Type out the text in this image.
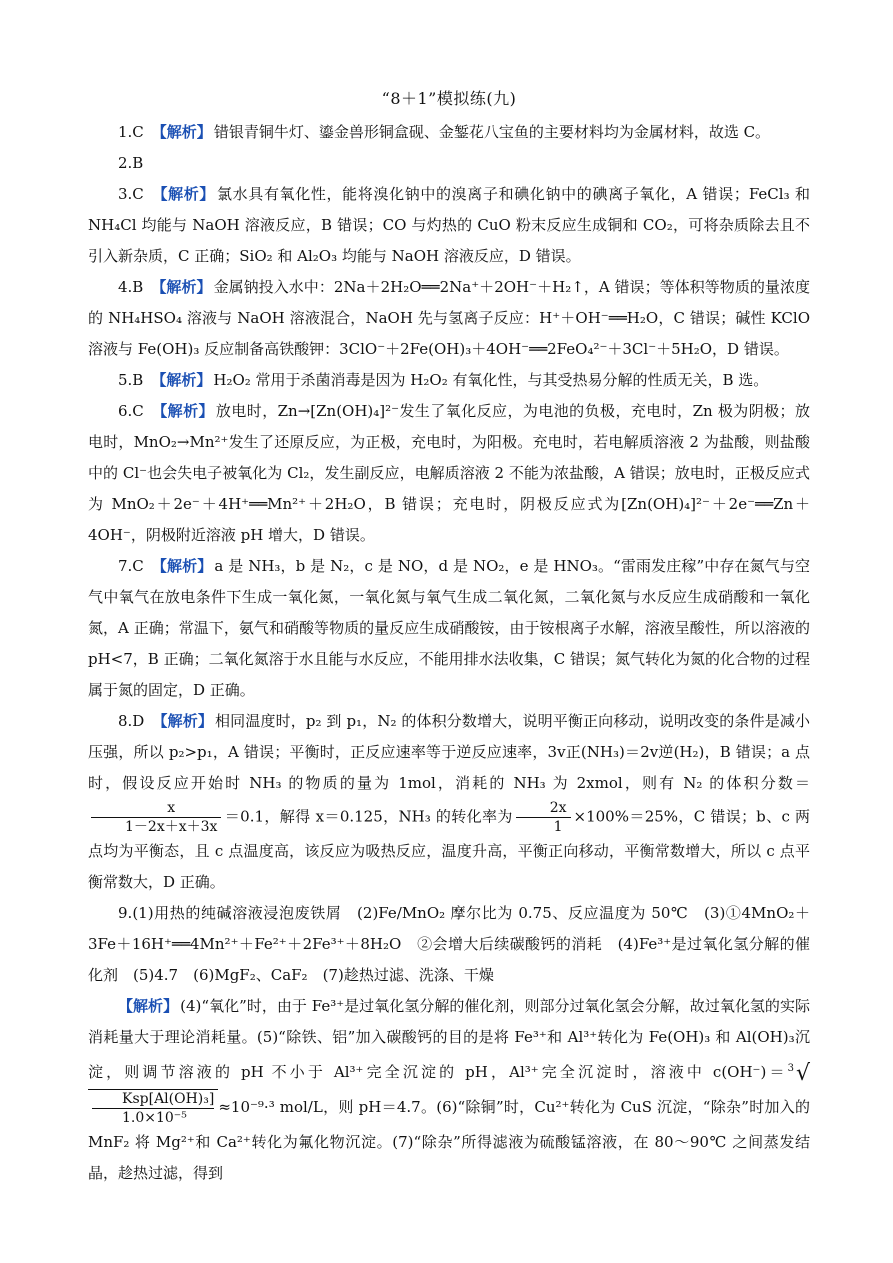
“8＋1”模拟练(九)

1.C 【解析】 错银青铜牛灯、鎏金兽形铜盒砚、金錾花八宝鱼的主要材料均为金属材料，故选 C。

2.B

3.C 【解析】 氯水具有氧化性，能将溴化钠中的溴离子和碘化钠中的碘离子氧化，A 错误；FeCl₃ 和 NH₄Cl 均能与 NaOH 溶液反应，B 错误；CO 与灼热的 CuO 粉末反应生成铜和 CO₂，可将杂质除去且不引入新杂质，C 正确；SiO₂ 和 Al₂O₃ 均能与 NaOH 溶液反应，D 错误。

4.B 【解析】 金属钠投入水中：2Na＋2H₂O══2Na⁺＋2OH⁻＋H₂↑，A 错误；等体积等物质的量浓度的 NH₄HSO₄ 溶液与 NaOH 溶液混合，NaOH 先与氢离子反应：H⁺＋OH⁻══H₂O，C 错误；碱性 KClO 溶液与 Fe(OH)₃ 反应制备高铁酸钾：3ClO⁻＋2Fe(OH)₃＋4OH⁻══2FeO₄²⁻＋3Cl⁻＋5H₂O，D 错误。

5.B 【解析】 H₂O₂ 常用于杀菌消毒是因为 H₂O₂ 有氧化性，与其受热易分解的性质无关，B 选。

6.C 【解析】 放电时，Zn→[Zn(OH)₄]²⁻发生了氧化反应，为电池的负极，充电时，Zn 极为阴极；放电时，MnO₂→Mn²⁺发生了还原反应，为正极，充电时，为阳极。充电时，若电解质溶液 2 为盐酸，则盐酸中的 Cl⁻也会失电子被氧化为 Cl₂，发生副反应，电解质溶液 2 不能为浓盐酸，A 错误；放电时，正极反应式为 MnO₂＋2e⁻＋4H⁺══Mn²⁺＋2H₂O，B 错误；充电时，阴极反应式为[Zn(OH)₄]²⁻＋2e⁻══Zn＋4OH⁻，阴极附近溶液 pH 增大，D 错误。

7.C 【解析】 a 是 NH₃，b 是 N₂，c 是 NO，d 是 NO₂，e 是 HNO₃。“雷雨发庄稼”中存在氮气与空气中氧气在放电条件下生成一氧化氮，一氧化氮与氧气生成二氧化氮，二氧化氮与水反应生成硝酸和一氧化氮，A 正确；常温下，氨气和硝酸等物质的量反应生成硝酸铵，由于铵根离子水解，溶液呈酸性，所以溶液的 pH<7，B 正确；二氧化氮溶于水且能与水反应，不能用排水法收集，C 错误；氮气转化为氮的化合物的过程属于氮的固定，D 正确。

8.D 【解析】 相同温度时，p₂ 到 p₁，N₂ 的体积分数增大，说明平衡正向移动，说明改变的条件是减小压强，所以 p₂>p₁，A 错误；平衡时，正反应速率等于逆反应速率，3v正(NH₃)＝2v逆(H₂)，B 错误；a 点时，假设反应开始时 NH₃ 的物质的量为 1mol，消耗的 NH₃ 为 2xmol，则有 N₂ 的体积分数＝
$\frac{x}{1-2x+x+3x} =0.1$，解得 x＝0.125，NH₃ 的转化率为 $\frac{2x}{1} \times 100\%=25\%$，C 错误；b、c 两点均为平衡态，且 c 点温度高，该反应为吸热反应，温度升高，平衡正向移动，平衡常数增大，所以 c 点平衡常数大，D 正确。

9.(1)用热的纯碱溶液浸泡废铁屑　(2)Fe/MnO₂ 摩尔比为 0.75、反应温度为 50℃　(3)①4MnO₂＋3Fe＋16H⁺══4Mn²⁺＋Fe²⁺＋2Fe³⁺＋8H₂O　②会增大后续碳酸钙的消耗　(4)Fe³⁺是过氧化氢分解的催化剂　(5)4.7　(6)MgF₂、CaF₂　(7)趁热过滤、洗涤、干燥

【解析】 (4)“氧化”时，由于 Fe³⁺是过氧化氢分解的催化剂，则部分过氧化氢会分解，故过氧化氢的实际消耗量大于理论消耗量。(5)“除铁、铝”加入碳酸钙的目的是将 Fe³⁺和 Al³⁺转化为 Fe(OH)₃ 和 Al(OH)₃沉淀，则调节溶液的 pH 不小于 Al³⁺完全沉淀的 pH，Al³⁺完全沉淀时，溶液中 c(OH⁻)＝$^3$√
$\frac{\text{Ksp[Al(OH)₃]}}{\text{1.0×10⁻⁵}} \approx 10^{-9}\cdot^3$ mol/L，则 pH＝4.7。(6)“除铜”时，Cu²⁺转化为 CuS 沉淀，“除杂”时加入的 MnF₂ 将 Mg²⁺和 Ca²⁺转化为氟化物沉淀。(7)“除杂”所得滤液为硫酸锰溶液，在 80～90℃ 之间蒸发结晶，趁热过滤，得到
